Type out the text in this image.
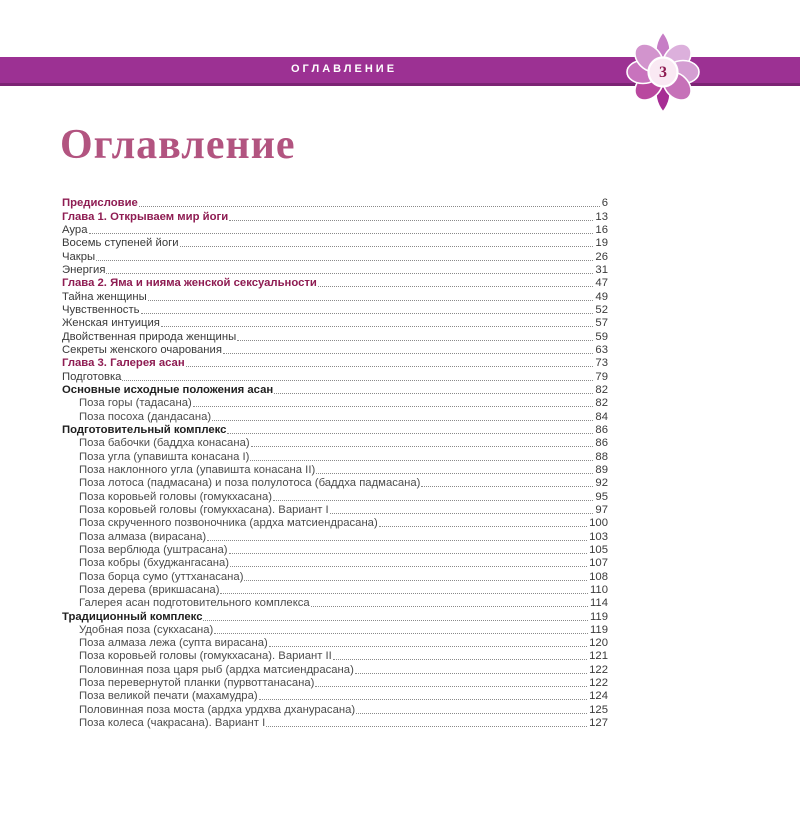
ОГЛАВЛЕНИЕ	3
Оглавление
Предисловие	6
Глава 1. Открываем мир йоги	13
Аура	16
Восемь ступеней йоги	19
Чакры	26
Энергия	31
Глава 2. Яма и нияма женской сексуальности	47
Тайна женщины	49
Чувственность	52
Женская интуиция	57
Двойственная природа женщины	59
Секреты женского очарования	63
Глава 3. Галерея асан	73
Подготовка	79
Основные исходные положения асан	82
Поза горы (тадасана)	82
Поза посоха (дандасана)	84
Подготовительный комплекс	86
Поза бабочки (баддха конасана)	86
Поза угла (упавишта конасана I)	88
Поза наклонного угла (упавишта конасана II)	89
Поза лотоса (падмасана) и поза полулотоса (баддха падмасана)	92
Поза коровьей головы (гомукхасана)	95
Поза коровьей головы (гомукхасана). Вариант I	97
Поза скрученного позвоночника (ардха матсиендрасана)	100
Поза алмаза (вирасана)	103
Поза верблюда (уштрасана)	105
Поза кобры (бхуджангасана)	107
Поза борца сумо (уттханасана)	108
Поза дерева (врикшасана)	110
Галерея асан подготовительного комплекса	114
Традиционный комплекс	119
Удобная поза (сукхасана)	119
Поза алмаза лежа (супта вирасана)	120
Поза коровьей головы (гомукхасана). Вариант II	121
Половинная поза царя рыб (ардха матсиендрасана)	122
Поза перевернутой планки (пурвоттанасана)	122
Поза великой печати (махамудра)	124
Половинная поза моста (ардха урдхва дханурасана)	125
Поза колеса (чакрасана). Вариант I	127
